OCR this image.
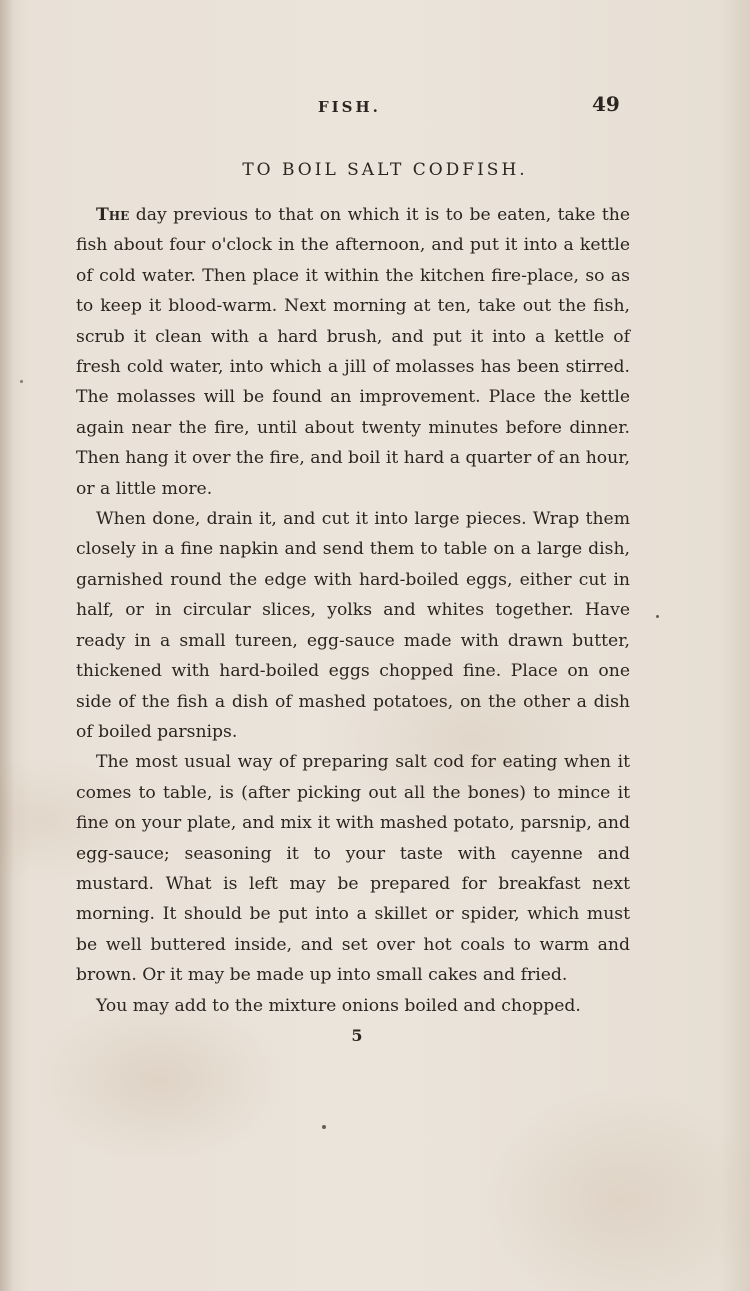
FISH.	49
TO BOIL SALT CODFISH.

The day previous to that on which it is to be eaten, take the fish about four o'clock in the afternoon, and put it into a kettle of cold water. Then place it within the kitchen fire-place, so as to keep it blood-warm. Next morning at ten, take out the fish, scrub it clean with a hard brush, and put it into a kettle of fresh cold water, into which a jill of molasses has been stirred. The molasses will be found an improvement. Place the kettle again near the fire, until about twenty minutes before dinner. Then hang it over the fire, and boil it hard a quarter of an hour, or a little more.

When done, drain it, and cut it into large pieces. Wrap them closely in a fine napkin and send them to table on a large dish, garnished round the edge with hard-boiled eggs, either cut in half, or in circular slices, yolks and whites together. Have ready in a small tureen, egg-sauce made with drawn butter, thickened with hard-boiled eggs chopped fine. Place on one side of the fish a dish of mashed potatoes, on the other a dish of boiled parsnips.

The most usual way of preparing salt cod for eating when it comes to table, is (after picking out all the bones) to mince it fine on your plate, and mix it with mashed potato, parsnip, and egg-sauce; seasoning it to your taste with cayenne and mustard. What is left may be prepared for breakfast next morning. It should be put into a skillet or spider, which must be well buttered inside, and set over hot coals to warm and brown. Or it may be made up into small cakes and fried.

You may add to the mixture onions boiled and chopped.

5
